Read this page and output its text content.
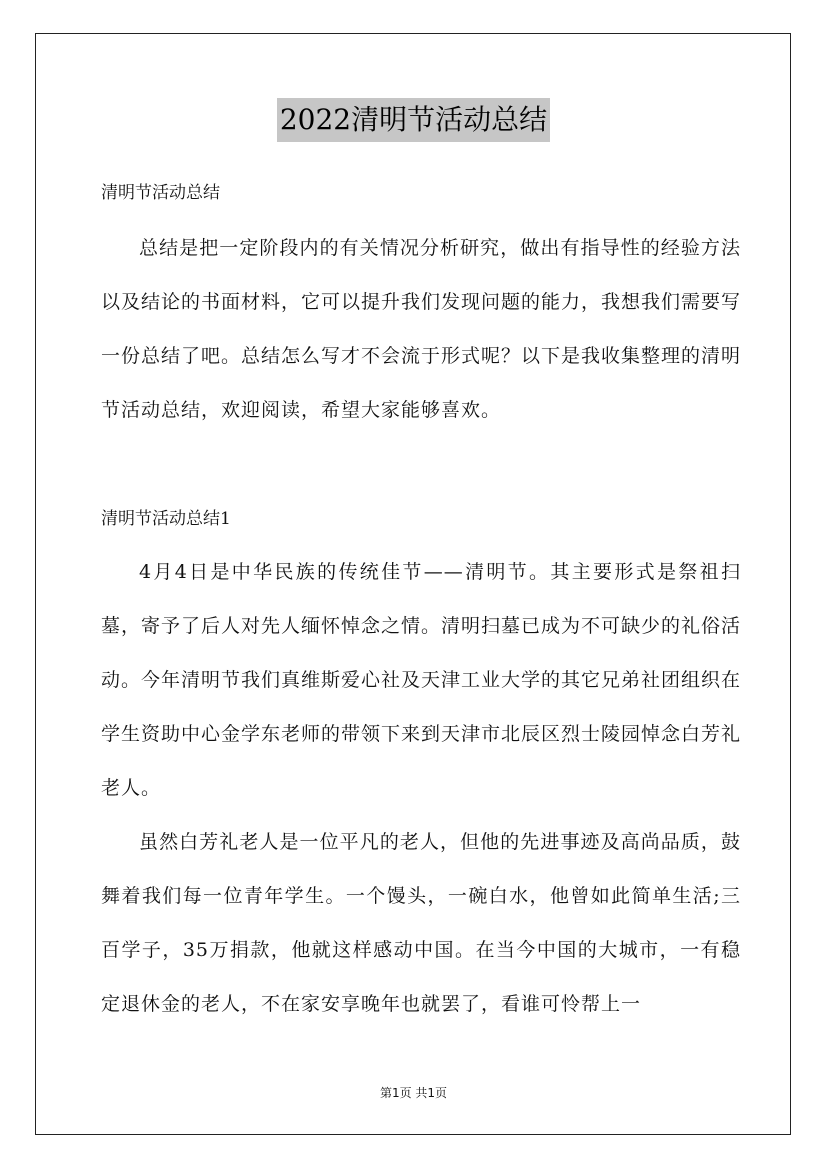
2022清明节活动总结
清明节活动总结

总结是把一定阶段内的有关情况分析研究，做出有指导性的经验方法以及结论的书面材料，它可以提升我们发现问题的能力，我想我们需要写一份总结了吧。总结怎么写才不会流于形式呢？以下是我收集整理的清明节活动总结，欢迎阅读，希望大家能够喜欢。

清明节活动总结1

4月4日是中华民族的传统佳节——清明节。其主要形式是祭祖扫墓，寄予了后人对先人缅怀悼念之情。清明扫墓已成为不可缺少的礼俗活动。今年清明节我们真维斯爱心社及天津工业大学的其它兄弟社团组织在学生资助中心金学东老师的带领下来到天津市北辰区烈士陵园悼念白芳礼老人。

虽然白芳礼老人是一位平凡的老人，但他的先进事迹及高尚品质，鼓舞着我们每一位青年学生。一个馒头，一碗白水，他曾如此简单生活;三百学子，35万捐款，他就这样感动中国。在当今中国的大城市，一有稳定退休金的老人，不在家安享晚年也就罢了，看谁可怜帮上一

第1页 共1页
